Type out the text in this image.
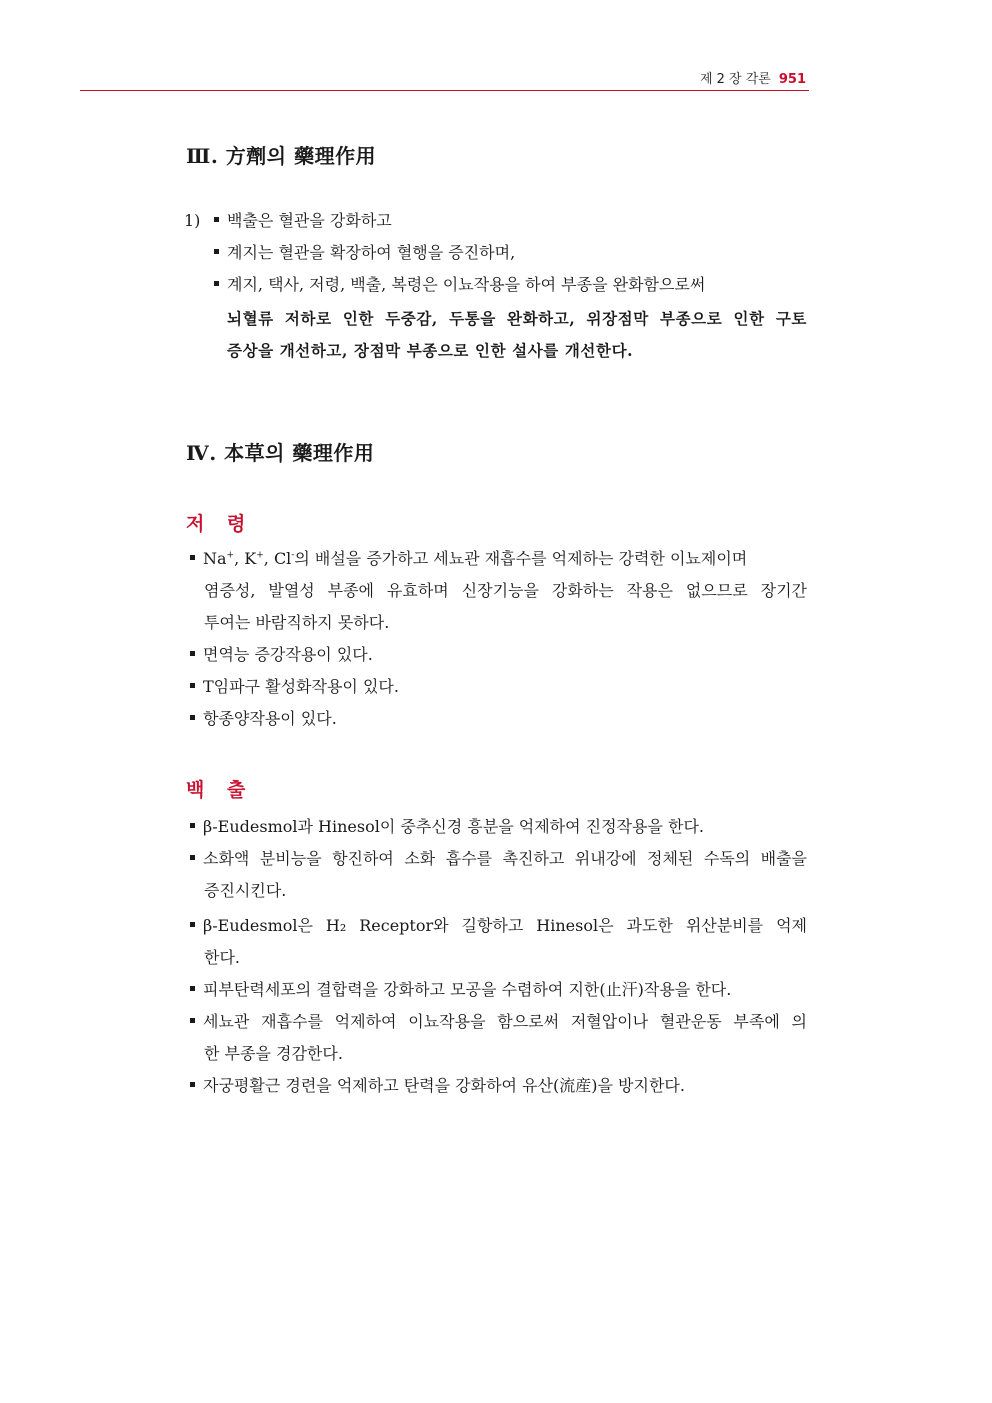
제 2 장 각론 951
Ⅲ. 方劑의 藥理作用
1)	백출은 혈관을 강화하고
계지는 혈관을 확장하여 혈행을 증진하며,
계지, 택사, 저령, 백출, 복령은 이뇨작용을 하여 부종을 완화함으로써
뇌혈류 저하로 인한 두중감, 두통을 완화하고, 위장점막 부종으로 인한 구토
증상을 개선하고, 장점막 부종으로 인한 설사를 개선한다.
Ⅳ. 本草의 藥理作用
저 령
Na+, K+, Cl-의 배설을 증가하고 세뇨관 재흡수를 억제하는 강력한 이뇨제이며
염증성, 발열성 부종에 유효하며 신장기능을 강화하는 작용은 없으므로 장기간
투여는 바람직하지 못하다.
면역능 증강작용이 있다.
T임파구 활성화작용이 있다.
항종양작용이 있다.
백 출
β-Eudesmol과 Hinesol이 중추신경 흥분을 억제하여 진정작용을 한다.
소화액 분비능을 항진하여 소화 흡수를 촉진하고 위내강에 정체된 수독의 배출을
증진시킨다.
β-Eudesmol은 H₂ Receptor와 길항하고 Hinesol은 과도한 위산분비를 억제
한다.
피부탄력세포의 결합력을 강화하고 모공을 수렴하여 지한(止汗)작용을 한다.
세뇨관 재흡수를 억제하여 이뇨작용을 함으로써 저혈압이나 혈관운동 부족에 의
한 부종을 경감한다.
자궁평활근 경련을 억제하고 탄력을 강화하여 유산(流産)을 방지한다.
